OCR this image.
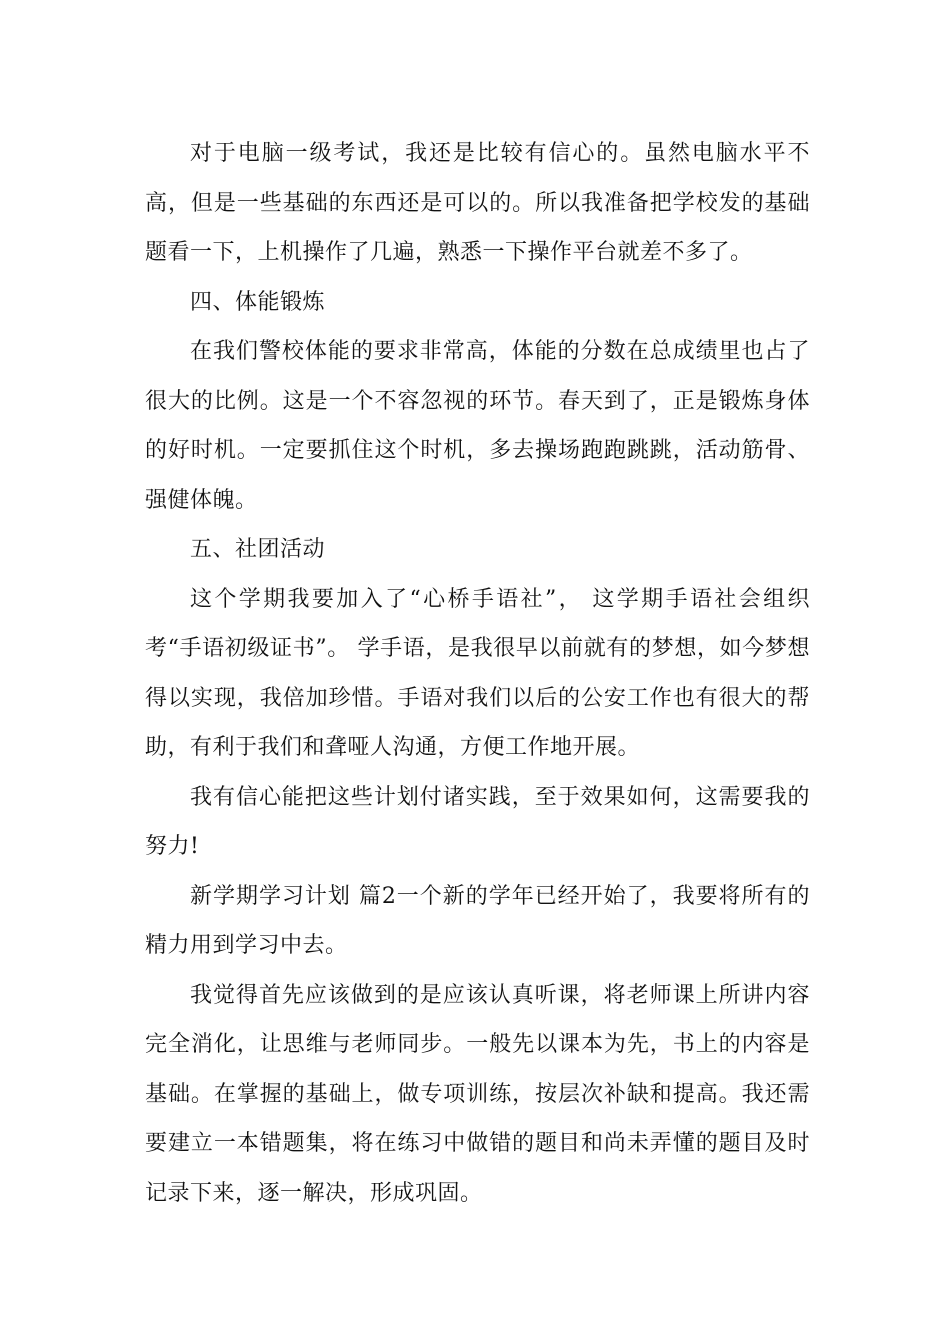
对于电脑一级考试，我还是比较有信心的。虽然电脑水平不高，但是一些基础的东西还是可以的。所以我准备把学校发的基础题看一下，上机操作了几遍，熟悉一下操作平台就差不多了。

四、体能锻炼

在我们警校体能的要求非常高，体能的分数在总成绩里也占了很大的比例。这是一个不容忽视的环节。春天到了，正是锻炼身体的好时机。一定要抓住这个时机，多去操场跑跑跳跳，活动筋骨、强健体魄。

五、社团活动

这个学期我要加入了“心桥手语社”， 这学期手语社会组织考“手语初级证书”。 学手语，是我很早以前就有的梦想，如今梦想得以实现，我倍加珍惜。手语对我们以后的公安工作也有很大的帮助，有利于我们和聋哑人沟通，方便工作地开展。

我有信心能把这些计划付诸实践，至于效果如何，这需要我的努力!

新学期学习计划 篇2一个新的学年已经开始了，我要将所有的精力用到学习中去。

我觉得首先应该做到的是应该认真听课，将老师课上所讲内容完全消化，让思维与老师同步。一般先以课本为先，书上的内容是基础。在掌握的基础上，做专项训练，按层次补缺和提高。我还需要建立一本错题集，将在练习中做错的题目和尚未弄懂的题目及时记录下来，逐一解决，形成巩固。
